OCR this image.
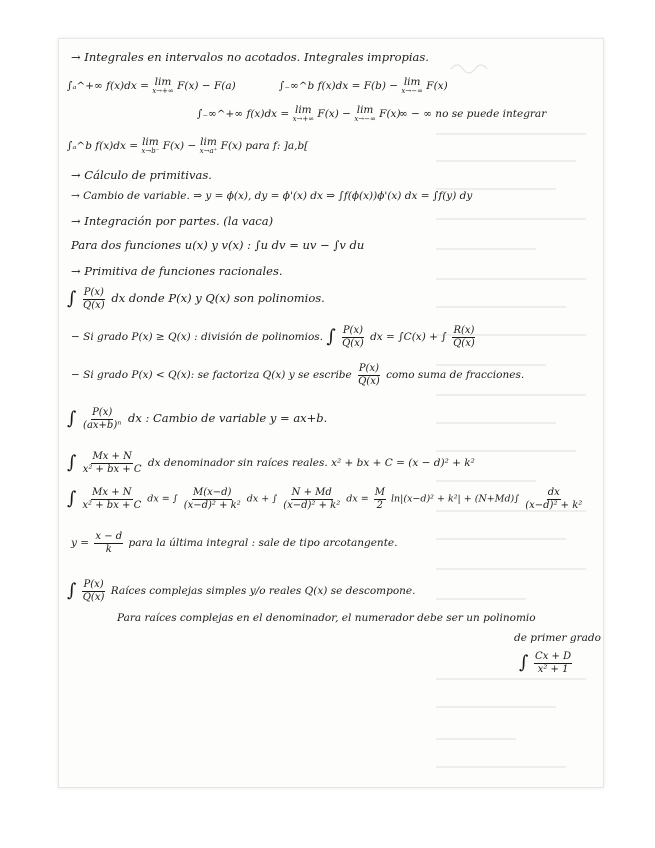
→ Integrales en intervalos no acotados. Integrales impropias.
∫ₐ^+∞ f(x)dx = lim
x→+∞ F(x) − F(a)	∫₋∞^b f(x)dx = F(b) − lim
x→−∞ F(x)
∫₋∞^+∞ f(x)dx = lim
x→+∞ F(x) − lim
x→−∞ F(x)
∞ − ∞ no se puede integrar
∫ₐ^b f(x)dx = lim
x→b⁻ F(x) − lim
x→a⁺ F(x) para f: ]a,b[
→ Cálculo de primitivas.
→ Cambio de variable. ⇒ y = ϕ(x), dy = ϕ'(x) dx ⇒ ∫f(ϕ(x))ϕ'(x) dx = ∫f(y) dy
→ Integración por partes. (la vaca)
Para dos funciones u(x) y v(x) : ∫u dv = uv − ∫v du
→ Primitiva de funciones racionales.
∫ $\frac{P(x)}{Q(x)}$ dx donde P(x) y Q(x) son polinomios.
− Si grado P(x) ≥ Q(x) : división de polinomios. ∫ $\frac{P(x)}{Q(x)}$ dx = ∫C(x) + ∫ $\frac{R(x)}{Q(x)}$
− Si grado P(x) < Q(x): se factoriza Q(x) y se escribe $\frac{P(x)}{Q(x)}$ como suma de fracciones.
∫ $\frac{P(x)}{\text{(ax+b)ⁿ}}$ dx : Cambio de variable y = ax+b.
∫ $\frac{Mx + N}{\text{x² + bx + C}}$ dx denominador sin raíces reales. x² + bx + C = (x − d)² + k²
∫ $\frac{Mx + N}{\text{x² + bx + C}}$ dx = ∫ $\frac{M(x-d)}{\text{(x−d)² + k²}}$ dx + ∫ $\frac{N + Md}{\text{(x−d)² + k²}}$ dx = $\frac{M}{2} \ln|(x-d)^2 + k^2| + (N+Md)\int \frac{dx}{\text{(x−d)² + k²}}$
$y = \frac{x - d}{k}$ para la última integral : sale de tipo arcotangente.
∫ $\frac{P(x)}{Q(x)}$ Raíces complejas simples y/o reales Q(x) se descompone.
Para raíces complejas en el denominador, el numerador debe ser un polinomio
de primer grado
∫ $\frac{Cx + D}{\text{x² + 1}}$
